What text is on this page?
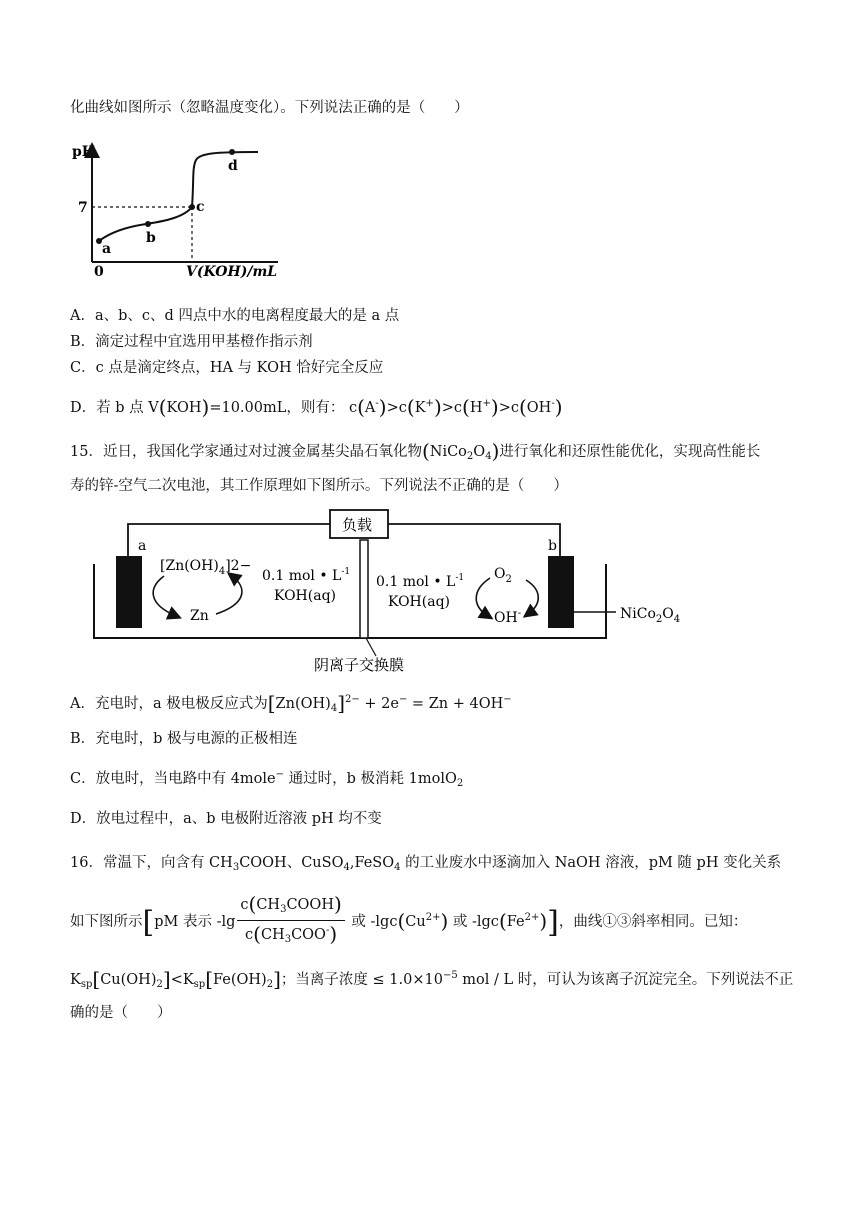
化曲线如图所示（忽略温度变化）。下列说法正确的是（　　）
pH
a
b
c
d
7
0	V(KOH)/mL
A．a、b、c、d 四点中水的电离程度最大的是 a 点
B．滴定过程中宜选用甲基橙作指示剂
C．c 点是滴定终点，HA 与 KOH 恰好完全反应
D．若 b 点 V(KOH)=10.00mL，则有： c(A-)>c(K+)>c(H+)>c(OH-)
15．近日，我国化学家通过对过渡金属基尖晶石氧化物$(NiCo_2O_4)$进行氧化和还原性能优化，实现高性能长
寿的锌-空气二次电池，其工作原理如下图所示。下列说法不正确的是（　　）
负载
阴离子交换膜
a	b
$[Zn(OH)_4]2-$
Zn
0.1 mol • $L^{-1}$
KOH(aq)
0.1 mol • $L^{-1}$
KOH(aq)
$O_2$
OH-	$NiCo_2O_4$
A．充电时，a 极电极反应式为$[Zn(OH)_4]^{2-} + 2e^- = Zn + 4OH^-$
B．充电时，b 极与电源的正极相连
C．放电时，当电路中有 4mole− 通过时，b 极消耗 1molO$_2$
D．放电过程中，a、b 电极附近溶液 pH 均不变
16．常温下，向含有 $CH_3COOH$、CuSO$_4$,FeSO$_4$ 的工业废水中逐滴加入 NaOH 溶液，pM 随 pH 变化关系
如下图所示[pM 表示 $-\lg \frac{c(CH_3COOH)}{c(CH_3COO^-)}$ 或 $-\lg c(Cu^{2+})$ 或 $-\lg c(Fe^{2+})$]，曲线①③斜率相同。已知：
$K_{sp}[Cu(OH)_2]<K_{sp}[Fe(OH)_2]$；当离子浓度 ≤ $1.0\times 10^{-5}$ mol / L 时，可认为该离子沉淀完全。下列说法不正
确的是（　　）
